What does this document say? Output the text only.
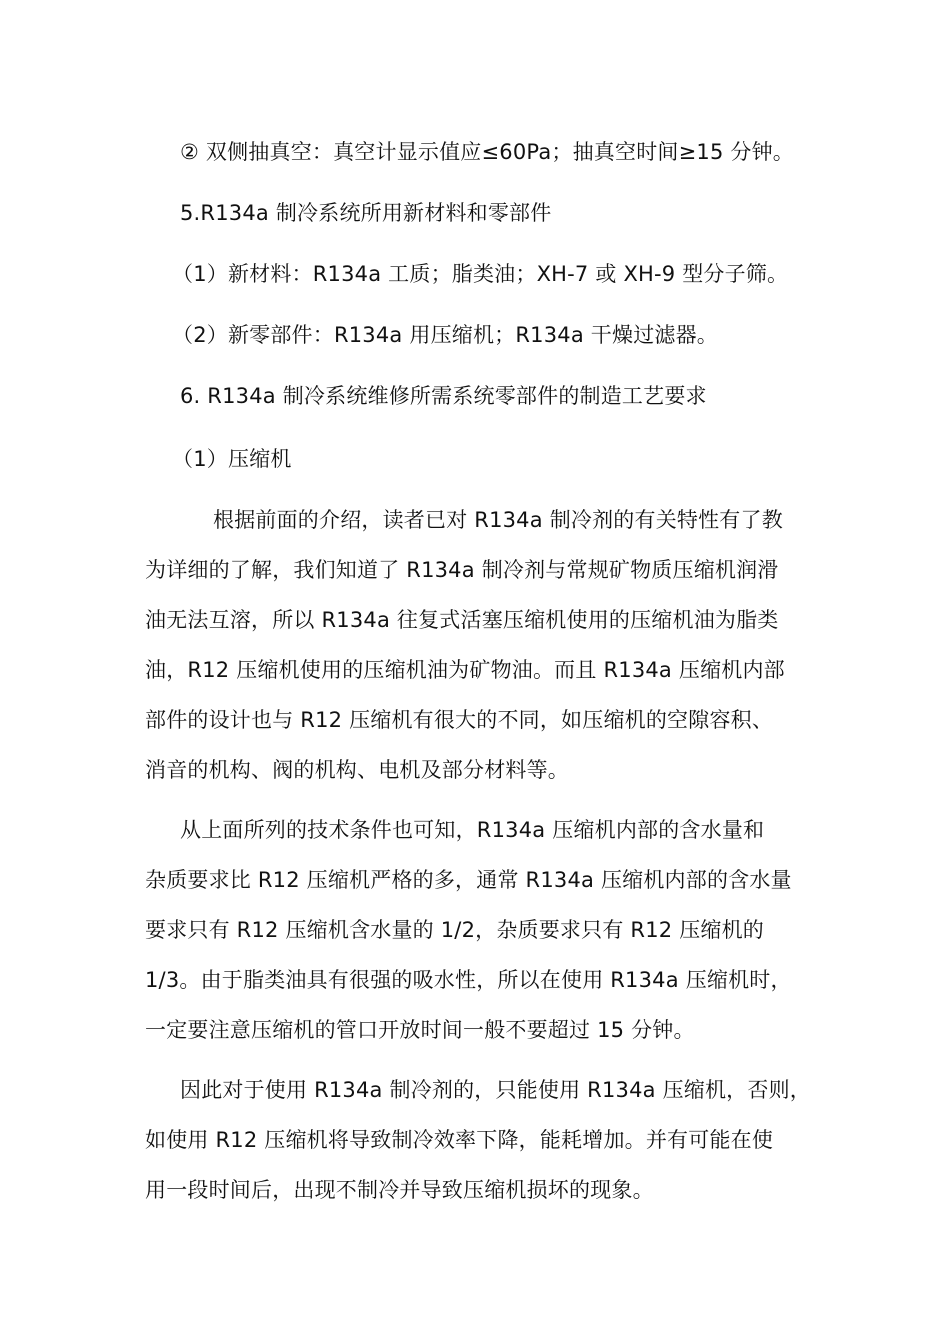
② 双侧抽真空：真空计显示值应≤60Pa；抽真空时间≥15 分钟。
5.R134a 制冷系统所用新材料和零部件
（1）新材料：R134a 工质；脂类油；XH-7 或 XH-9 型分子筛。
（2）新零部件：R134a 用压缩机；R134a 干燥过滤器。
6. R134a 制冷系统维修所需系统零部件的制造工艺要求
（1）压缩机
根据前面的介绍，读者已对 R134a 制冷剂的有关特性有了教
为详细的了解，我们知道了 R134a 制冷剂与常规矿物质压缩机润滑
油无法互溶，所以 R134a 往复式活塞压缩机使用的压缩机油为脂类
油，R12 压缩机使用的压缩机油为矿物油。而且 R134a 压缩机内部
部件的设计也与 R12 压缩机有很大的不同，如压缩机的空隙容积、
消音的机构、阀的机构、电机及部分材料等。
从上面所列的技术条件也可知，R134a 压缩机内部的含水量和
杂质要求比 R12 压缩机严格的多，通常 R134a 压缩机内部的含水量
要求只有 R12 压缩机含水量的 1/2，杂质要求只有 R12 压缩机的
1/3。由于脂类油具有很强的吸水性，所以在使用 R134a 压缩机时，
一定要注意压缩机的管口开放时间一般不要超过 15 分钟。
因此对于使用 R134a 制冷剂的，只能使用 R134a 压缩机，否则，
如使用 R12 压缩机将导致制冷效率下降，能耗增加。并有可能在使
用一段时间后，出现不制冷并导致压缩机损坏的现象。
